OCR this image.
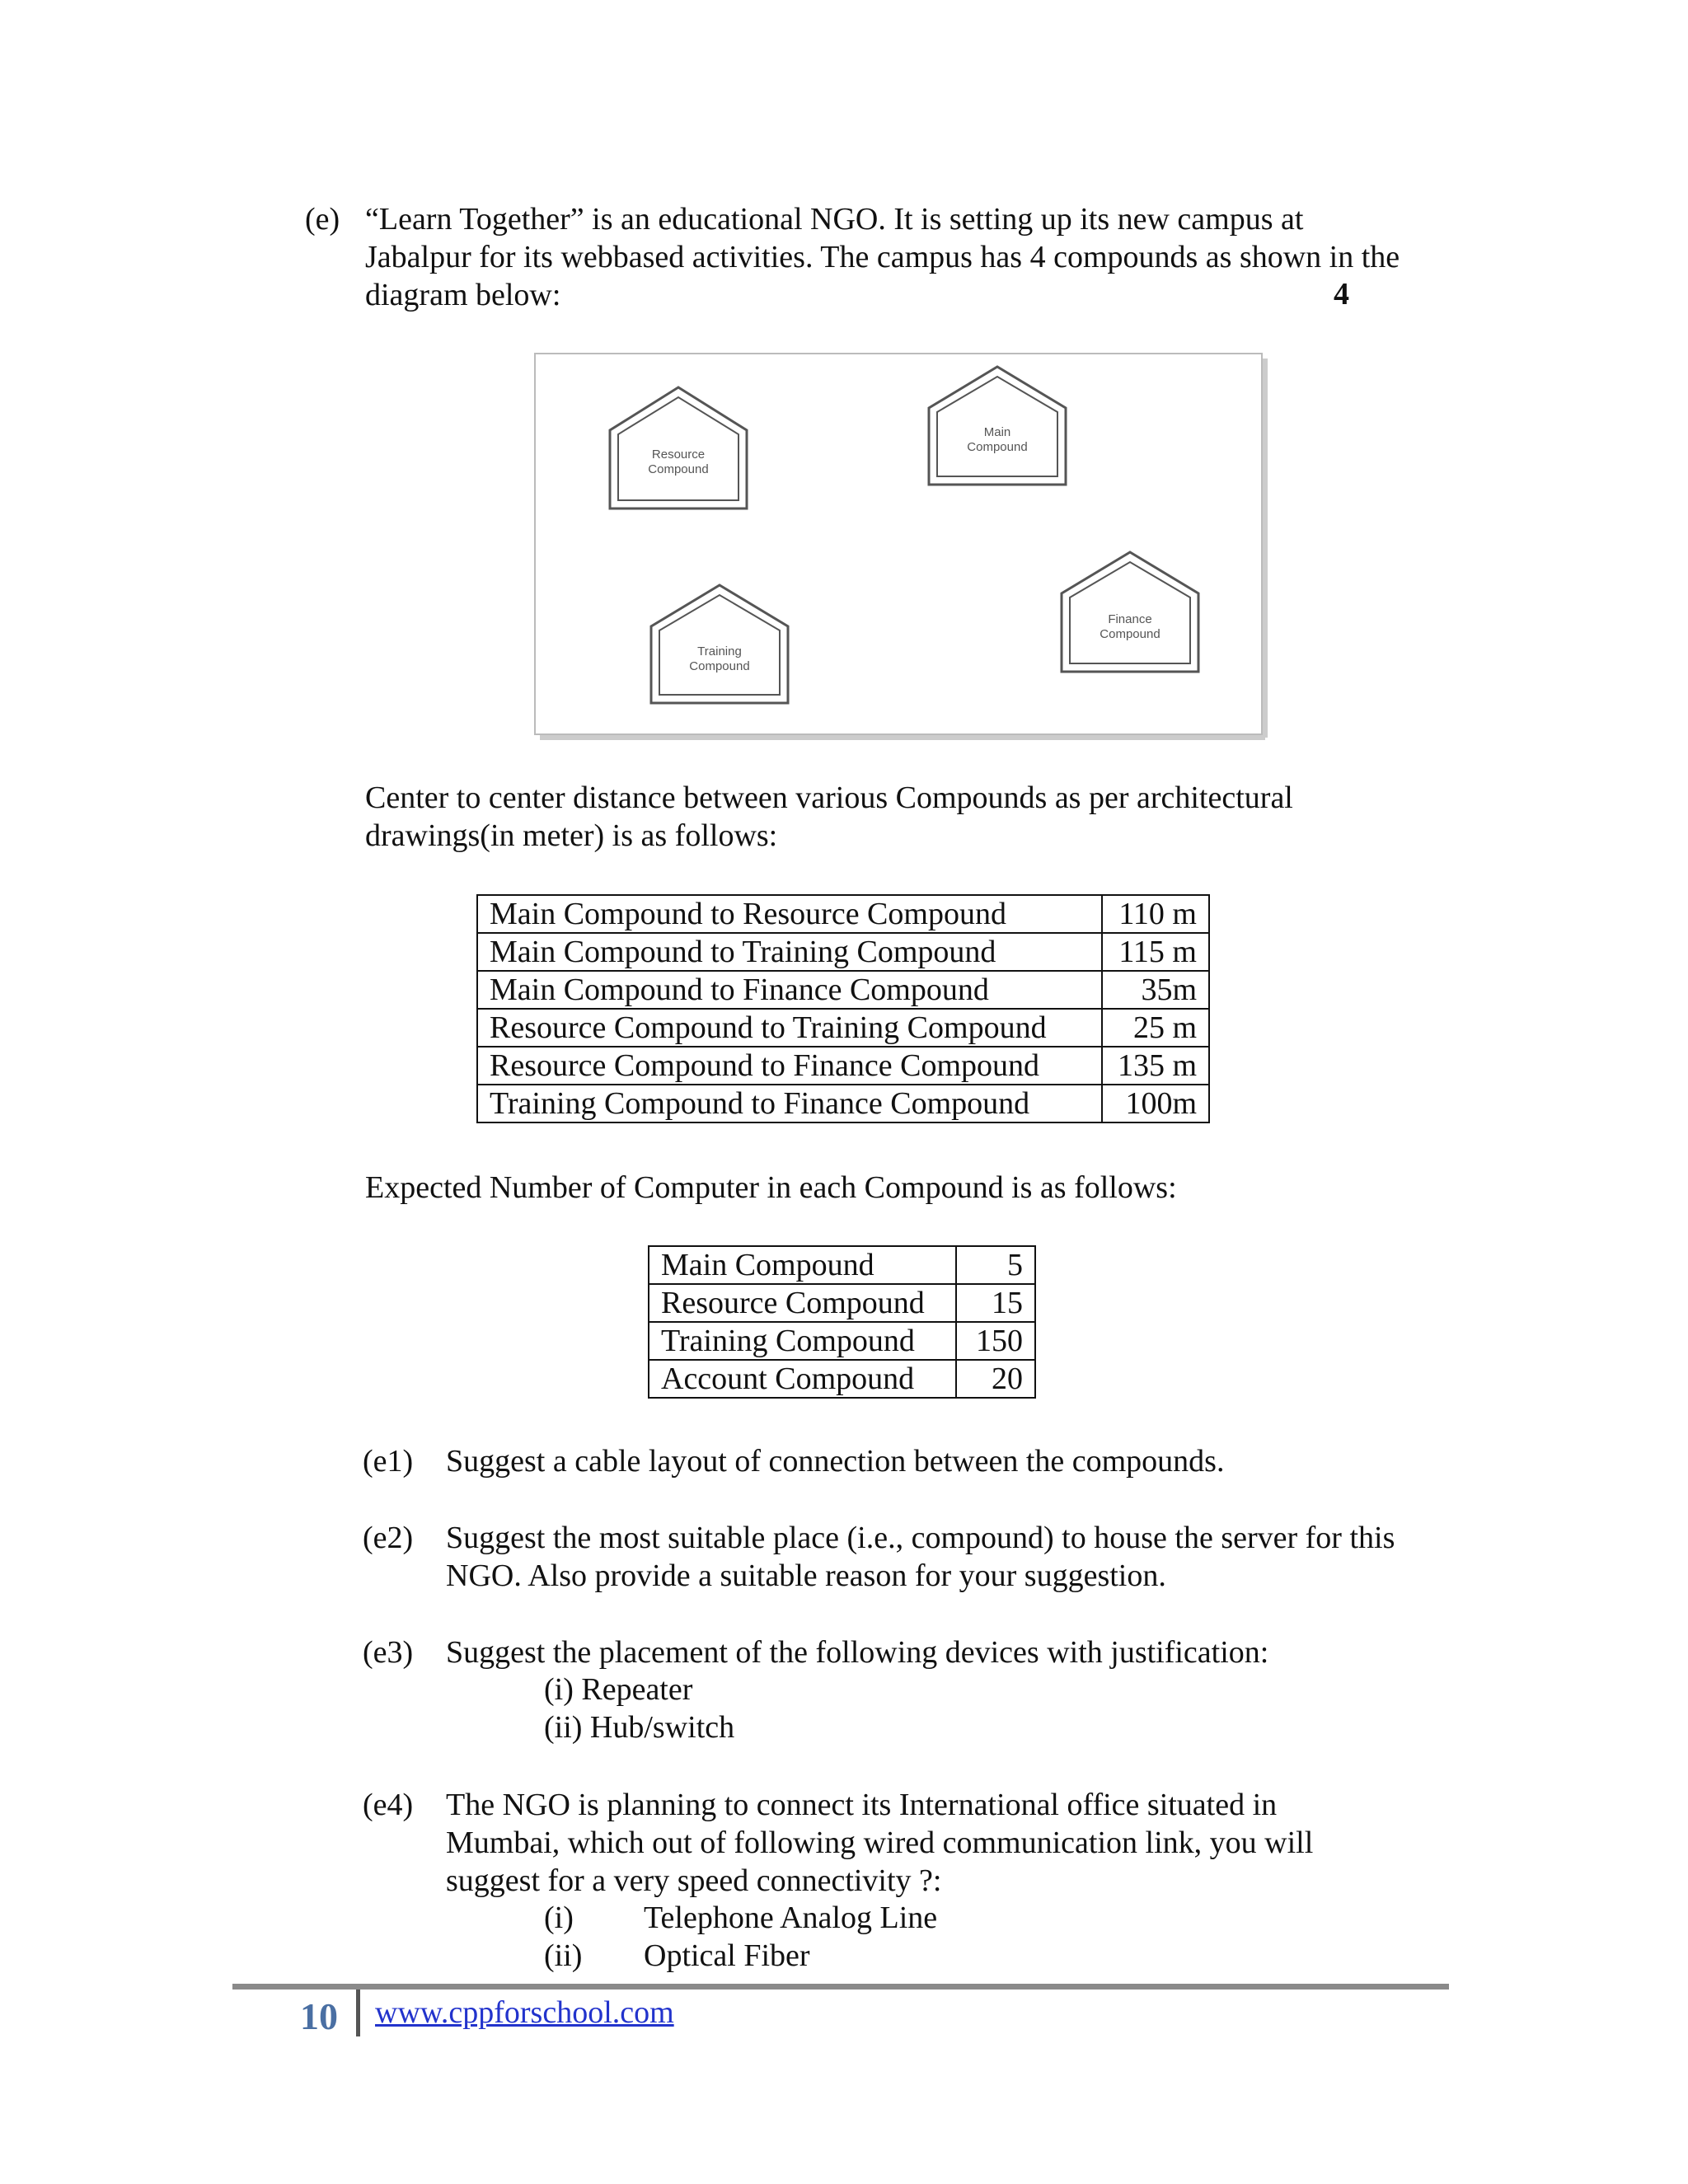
(e) “Learn Together” is an educational NGO. It is setting up its new campus at Jabalpur for its webbased activities. The campus has 4 compounds as shown in the diagram below:	4
Resource
Compound
Main
Compound
Training
Compound
Finance
Compound
Center to center distance between various Compounds as per architectural drawings(in meter) is as follows:
Main Compound to Resource Compound	110 m
Main Compound to Training Compound	115 m
Main Compound to Finance Compound	35m
Resource Compound to Training Compound	25 m
Resource Compound to Finance Compound	135 m
Training Compound to Finance Compound	100m
Expected Number of Computer in each Compound is as follows:
Main Compound	5
Resource Compound	15
Training Compound	150
Account Compound	20
(e1) Suggest a cable layout of connection between the compounds.
(e2) Suggest the most suitable place (i.e., compound) to house the server for this NGO. Also provide a suitable reason for your suggestion.
(e3) Suggest the placement of the following devices with justification:
(i) Repeater
(ii) Hub/switch
(e4) The NGO is planning to connect its International office situated in Mumbai, which out of following wired communication link, you will suggest for a very speed connectivity ?:
(i) Telephone Analog Line
(ii) Optical Fiber
10 www.cppforschool.com
